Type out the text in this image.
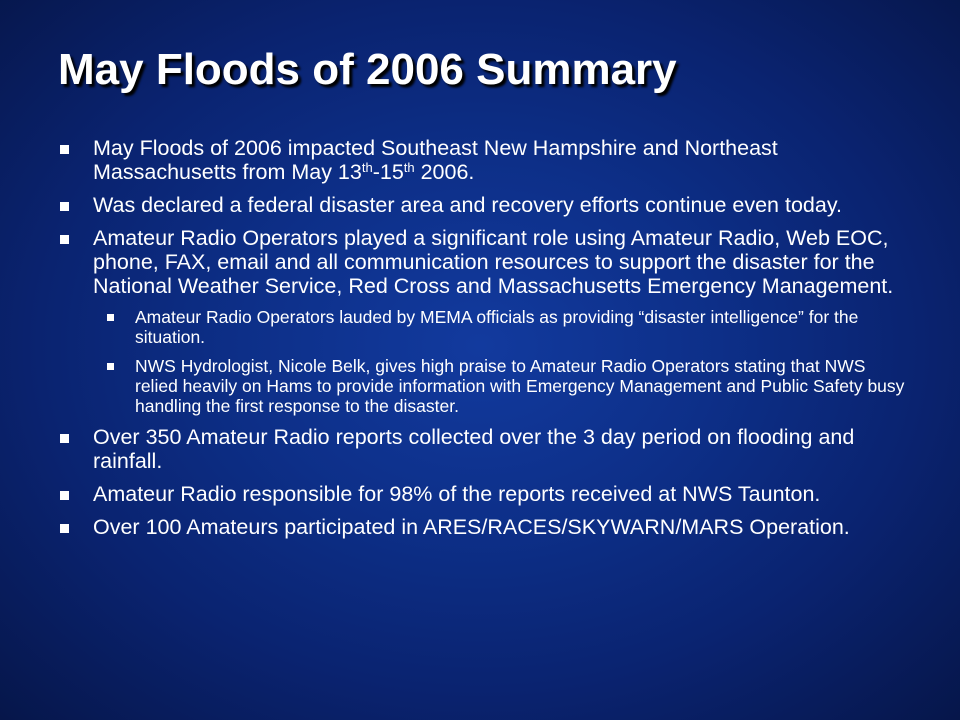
May Floods of 2006 Summary
May Floods of 2006 impacted Southeast New Hampshire and Northeast Massachusetts from May 13th-15th 2006.
Was declared a federal disaster area and recovery efforts continue even today.
Amateur Radio Operators played a significant role using Amateur Radio, Web EOC, phone, FAX, email and all communication resources to support the disaster for the National Weather Service, Red Cross and Massachusetts Emergency Management.
Amateur Radio Operators lauded by MEMA officials as providing “disaster intelligence” for the situation.
NWS Hydrologist, Nicole Belk, gives high praise to Amateur Radio Operators stating that NWS relied heavily on Hams to provide information with Emergency Management and Public Safety busy handling the first response to the disaster.
Over 350 Amateur Radio reports collected over the 3 day period on flooding and rainfall.
Amateur Radio responsible for 98% of the reports received at NWS Taunton.
Over 100 Amateurs participated in ARES/RACES/SKYWARN/MARS Operation.
